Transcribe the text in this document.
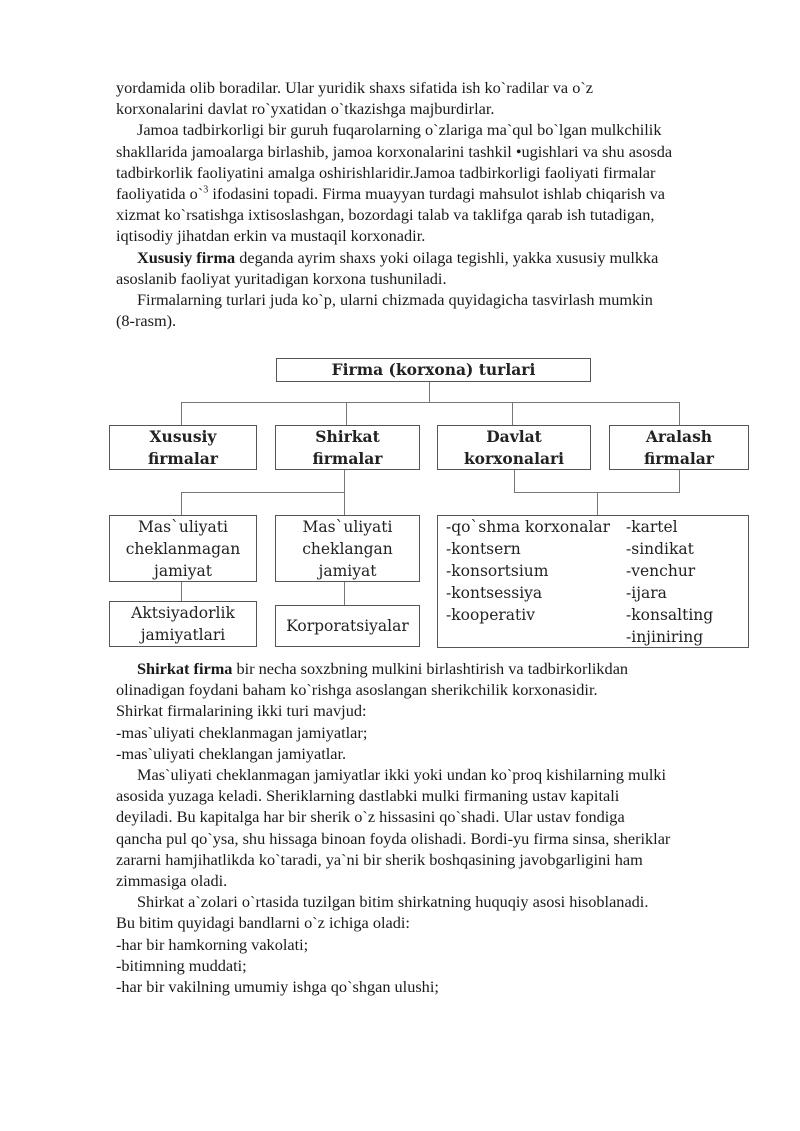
yordamida olib boradilar. Ular yuridik shaxs sifatida ish ko`radilar va o`z
korxonalarini davlat ro`yxatidan o`tkazishga majburdirlar.

Jamoa tadbirkorligi bir guruh fuqarolarning o`zlariga ma`qul bo`lgan mulkchilik
shakllarida jamoalarga birlashib, jamoa korxonalarini tashkil •ugishlari va shu asosda
tadbirkorlik faoliyatini amalga oshirishlaridir.Jamoa tadbirkorligi faoliyati firmalar
faoliyatida o`$^3$ ifodasini topadi. Firma muayyan turdagi mahsulot ishlab chiqarish va
xizmat ko`rsatishga ixtisoslashgan, bozordagi talab va taklifga qarab ish tutadigan,
iqtisodiy jihatdan erkin va mustaqil korxonadir.

Xususiy firma deganda ayrim shaxs yoki oilaga tegishli, yakka xususiy mulkka
asoslanib faoliyat yuritadigan korxona tushuniladi.

Firmalarning turlari juda ko`p, ularni chizmada quyidagicha tasvirlash mumkin
(8-rasm).

Firma (korxona) turlari
Xususiy
firmalar
Shirkat
firmalar
Davlat
korxonalari
Aralash
firmalar
Mas`uliyati
cheklanmagan
jamiyat
Mas`uliyati
cheklangan
jamiyat
Aktsiyadorlik
jamiyatlari	Korporatsiyalar
-qo`shma korxonalar
-kontsern
-konsortsium
-kontsessiya
-kooperativ
-kartel
-sindikat
-venchur
-ijara
-konsalting
-injiniring

Shirkat firma bir necha soxzbning mulkini birlashtirish va tadbirkorlikdan
olinadigan foydani baham ko`rishga asoslangan sherikchilik korxonasidir.

Shirkat firmalarining ikki turi mavjud:

-mas`uliyati cheklanmagan jamiyatlar;

-mas`uliyati cheklangan jamiyatlar.

Mas`uliyati cheklanmagan jamiyatlar ikki yoki undan ko`proq kishilarning mulki
asosida yuzaga keladi. Sheriklarning dastlabki mulki firmaning ustav kapitali
deyiladi. Bu kapitalga har bir sherik o`z hissasini qo`shadi. Ular ustav fondiga
qancha pul qo`ysa, shu hissaga binoan foyda olishadi. Bordi-yu firma sinsa, sheriklar
zararni hamjihatlikda ko`taradi, ya`ni bir sherik boshqasining javobgarligini ham
zimmasiga oladi.

Shirkat a`zolari o`rtasida tuzilgan bitim shirkatning huquqiy asosi hisoblanadi.
Bu bitim quyidagi bandlarni o`z ichiga oladi:

-har bir hamkorning vakolati;

-bitimning muddati;

-har bir vakilning umumiy ishga qo`shgan ulushi;
